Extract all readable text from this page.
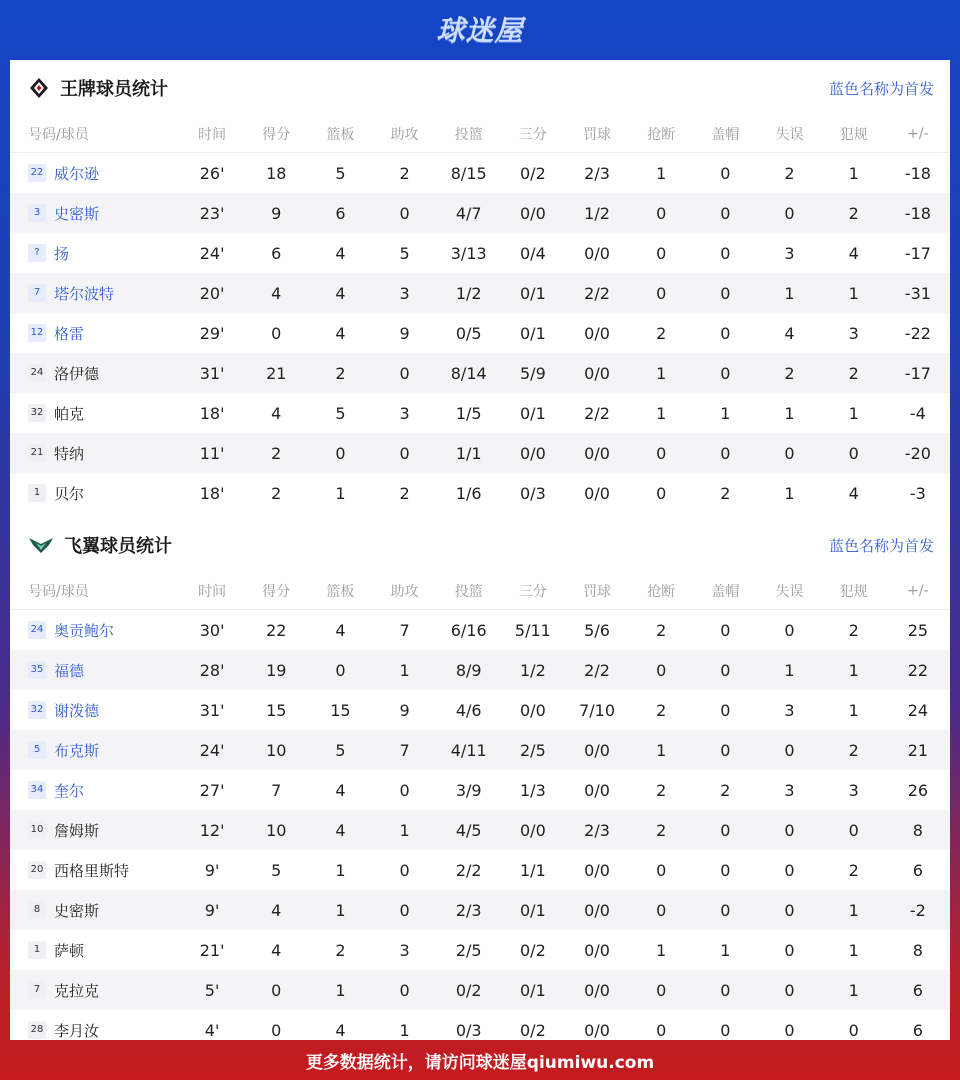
球迷屋
王牌球员统计	蓝色名称为首发
号码/球员	时间	得分	篮板	助攻	投篮	三分	罚球	抢断	盖帽	失误	犯规	+/-
22 威尔逊	26'	18	5	2	8/15	0/2	2/3	1	0	2	1	-18
3 史密斯	23'	9	6	0	4/7	0/0	1/2	0	0	0	2	-18
? 扬	24'	6	4	5	3/13	0/4	0/0	0	0	3	4	-17
7 塔尔波特	20'	4	4	3	1/2	0/1	2/2	0	0	1	1	-31
12 格雷	29'	0	4	9	0/5	0/1	0/0	2	0	4	3	-22
24 洛伊德	31'	21	2	0	8/14	5/9	0/0	1	0	2	2	-17
32 帕克	18'	4	5	3	1/5	0/1	2/2	1	1	1	1	-4
21 特纳	11'	2	0	0	1/1	0/0	0/0	0	0	0	0	-20
1 贝尔	18'	2	1	2	1/6	0/3	0/0	0	2	1	4	-3
飞翼球员统计	蓝色名称为首发
号码/球员	时间	得分	篮板	助攻	投篮	三分	罚球	抢断	盖帽	失误	犯规	+/-
24 奥贡鲍尔	30'	22	4	7	6/16	5/11	5/6	2	0	0	2	25
35 福德	28'	19	0	1	8/9	1/2	2/2	0	0	1	1	22
32 谢泼德	31'	15	15	9	4/6	0/0	7/10	2	0	3	1	24
5 布克斯	24'	10	5	7	4/11	2/5	0/0	1	0	0	2	21
34 奎尔	27'	7	4	0	3/9	1/3	0/0	2	2	3	3	26
10 詹姆斯	12'	10	4	1	4/5	0/0	2/3	2	0	0	0	8
20 西格里斯特	9'	5	1	0	2/2	1/1	0/0	0	0	0	2	6
8 史密斯	9'	4	1	0	2/3	0/1	0/0	0	0	0	1	-2
1 萨顿	21'	4	2	3	2/5	0/2	0/0	1	1	0	1	8
7 克拉克	5'	0	1	0	0/2	0/1	0/0	0	0	0	1	6
28 李月汝	4'	0	4	1	0/3	0/2	0/0	0	0	0	0	6
更多数据统计，请访问球迷屋qiumiwu.com
